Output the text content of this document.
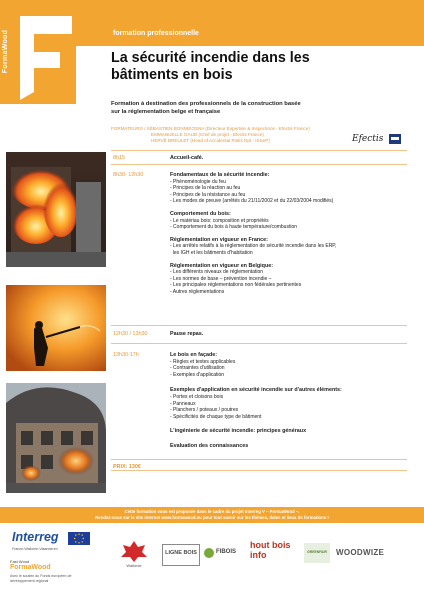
FormaWood	formation professionnelle
La sécurité incendie dans les
bâtiments en bois
Formation à destination des professionnels de la construction basée
sur la réglementation belge et française
FORMATEURS / SÉBASTIEN BONNIEOSNA (Directeur Expertise & Inspections - Efectis France)
EMMANUELLE GAUD (Chef de projet - Efectis France)
HERVÉ BREULET (Head of Accidental Risks Dpt - ISSeP)	Efectis
8h15	Accueil-café.
8h30- 12h30	Fondamentaux de la sécurité incendie:
- Phénoménologie du feu
- Principes de la réaction au feu
- Principes de la résistance au feu
- Les modes de preuve (arrêtés du 21/11/2002 et du 22/03/2004 modifiés)
Comportement du bois:
- Le matériau bois: composition et propriétés
- Comportement du bois à haute température/combustion
Réglementation en vigueur en France:
- Les arrêtés relatifs à la réglementation de sécurité incendie dans les ERP,
les IGH et les bâtiments d'habitation
Réglementation en vigueur en Belgique:
- Les différents niveaux de réglementation
- Les normes de base – prévention incendie –
- Les principales réglementations non fédérales pertinentes
- Autres réglementations
12h30 / 13h30	Pause repas.
13h30-17h	Le bois en façade:
- Règles et textes applicables
- Contraintes d'utilisation
- Exemples d'application
Exemples d'application en sécurité incendie sur d'autres éléments:
- Portes et cloisons bois
- Panneaux
- Planchers / poteaux / poutres
- Spécificités de chaque type de bâtiment
L'ingénierie de sécurité incendie: principes généraux
Evaluation des connaissances
PRIX: 130€
Cette formation vous est proposée dans le cadre du projet Interreg V – FormaWood –.
Rendez-vous sur le site internet www.formawood.eu pour tout savoir sur les thèmes, dates et lieux de formations !
Interreg
France-Wallonie-Vlaanderen
Fast Wood
FormaWood
Avec le soutien du Fonds européen de développement régional
Wallonie
LIGNE BOIS	FIBOIS
hout bois info	GREENFAIR	WOODWIZE
